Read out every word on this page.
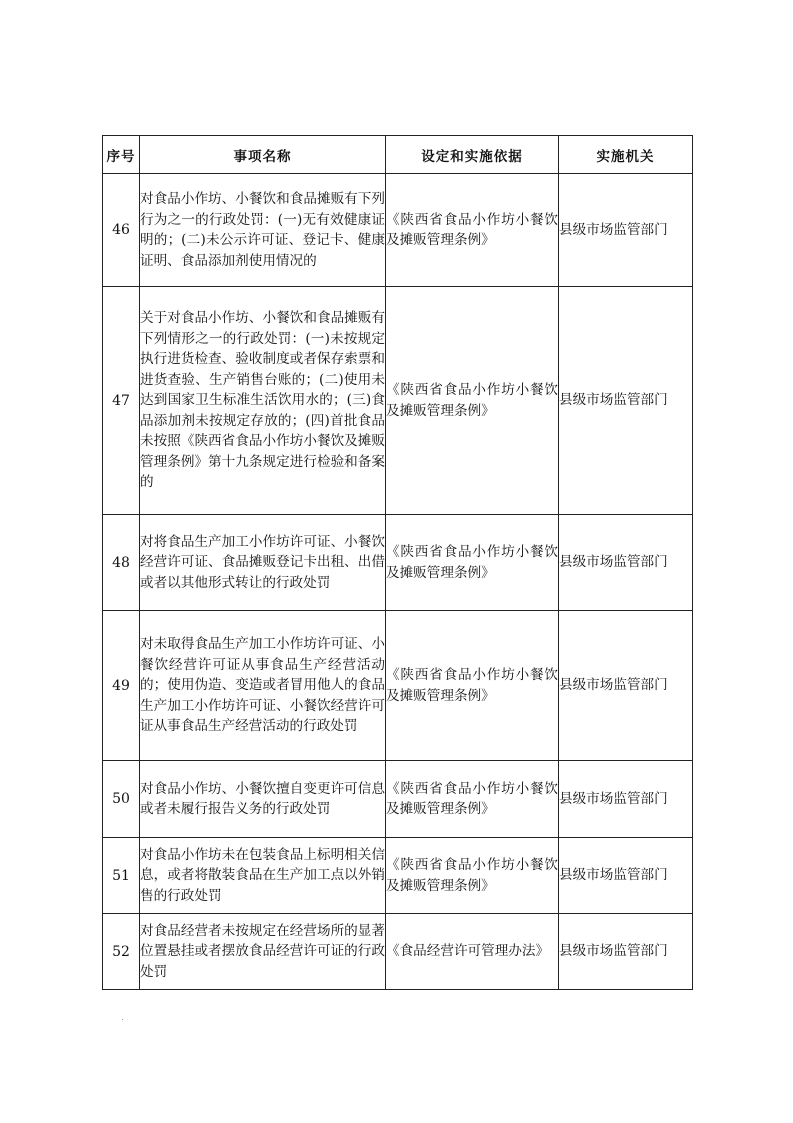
序号	事项名称	设定和实施依据	实施机关
46	对食品小作坊、小餐饮和食品摊贩有下列行为之一的行政处罚：(一)无有效健康证明的；(二)未公示许可证、登记卡、健康证明、食品添加剂使用情况的	《陕西省食品小作坊小餐饮及摊贩管理条例》	县级市场监管部门

47	关于对食品小作坊、小餐饮和食品摊贩有下列情形之一的行政处罚：(一)未按规定执行进货检查、验收制度或者保存索票和进货查验、生产销售台账的；(二)使用未达到国家卫生标准生活饮用水的；(三)食品添加剂未按规定存放的；(四)首批食品未按照《陕西省食品小作坊小餐饮及摊贩管理条例》第十九条规定进行检验和备案的	《陕西省食品小作坊小餐饮及摊贩管理条例》	县级市场监管部门

48	对将食品生产加工小作坊许可证、小餐饮经营许可证、食品摊贩登记卡出租、出借或者以其他形式转让的行政处罚	《陕西省食品小作坊小餐饮及摊贩管理条例》	县级市场监管部门

49	对未取得食品生产加工小作坊许可证、小餐饮经营许可证从事食品生产经营活动的；使用伪造、变造或者冒用他人的食品生产加工小作坊许可证、小餐饮经营许可证从事食品生产经营活动的行政处罚	《陕西省食品小作坊小餐饮及摊贩管理条例》	县级市场监管部门

50	对食品小作坊、小餐饮擅自变更许可信息或者未履行报告义务的行政处罚	《陕西省食品小作坊小餐饮及摊贩管理条例》	县级市场监管部门

51	对食品小作坊未在包装食品上标明相关信息，或者将散装食品在生产加工点以外销售的行政处罚	《陕西省食品小作坊小餐饮及摊贩管理条例》	县级市场监管部门

52	对食品经营者未按规定在经营场所的显著位置悬挂或者摆放食品经营许可证的行政处罚	《食品经营许可管理办法》	县级市场监管部门
